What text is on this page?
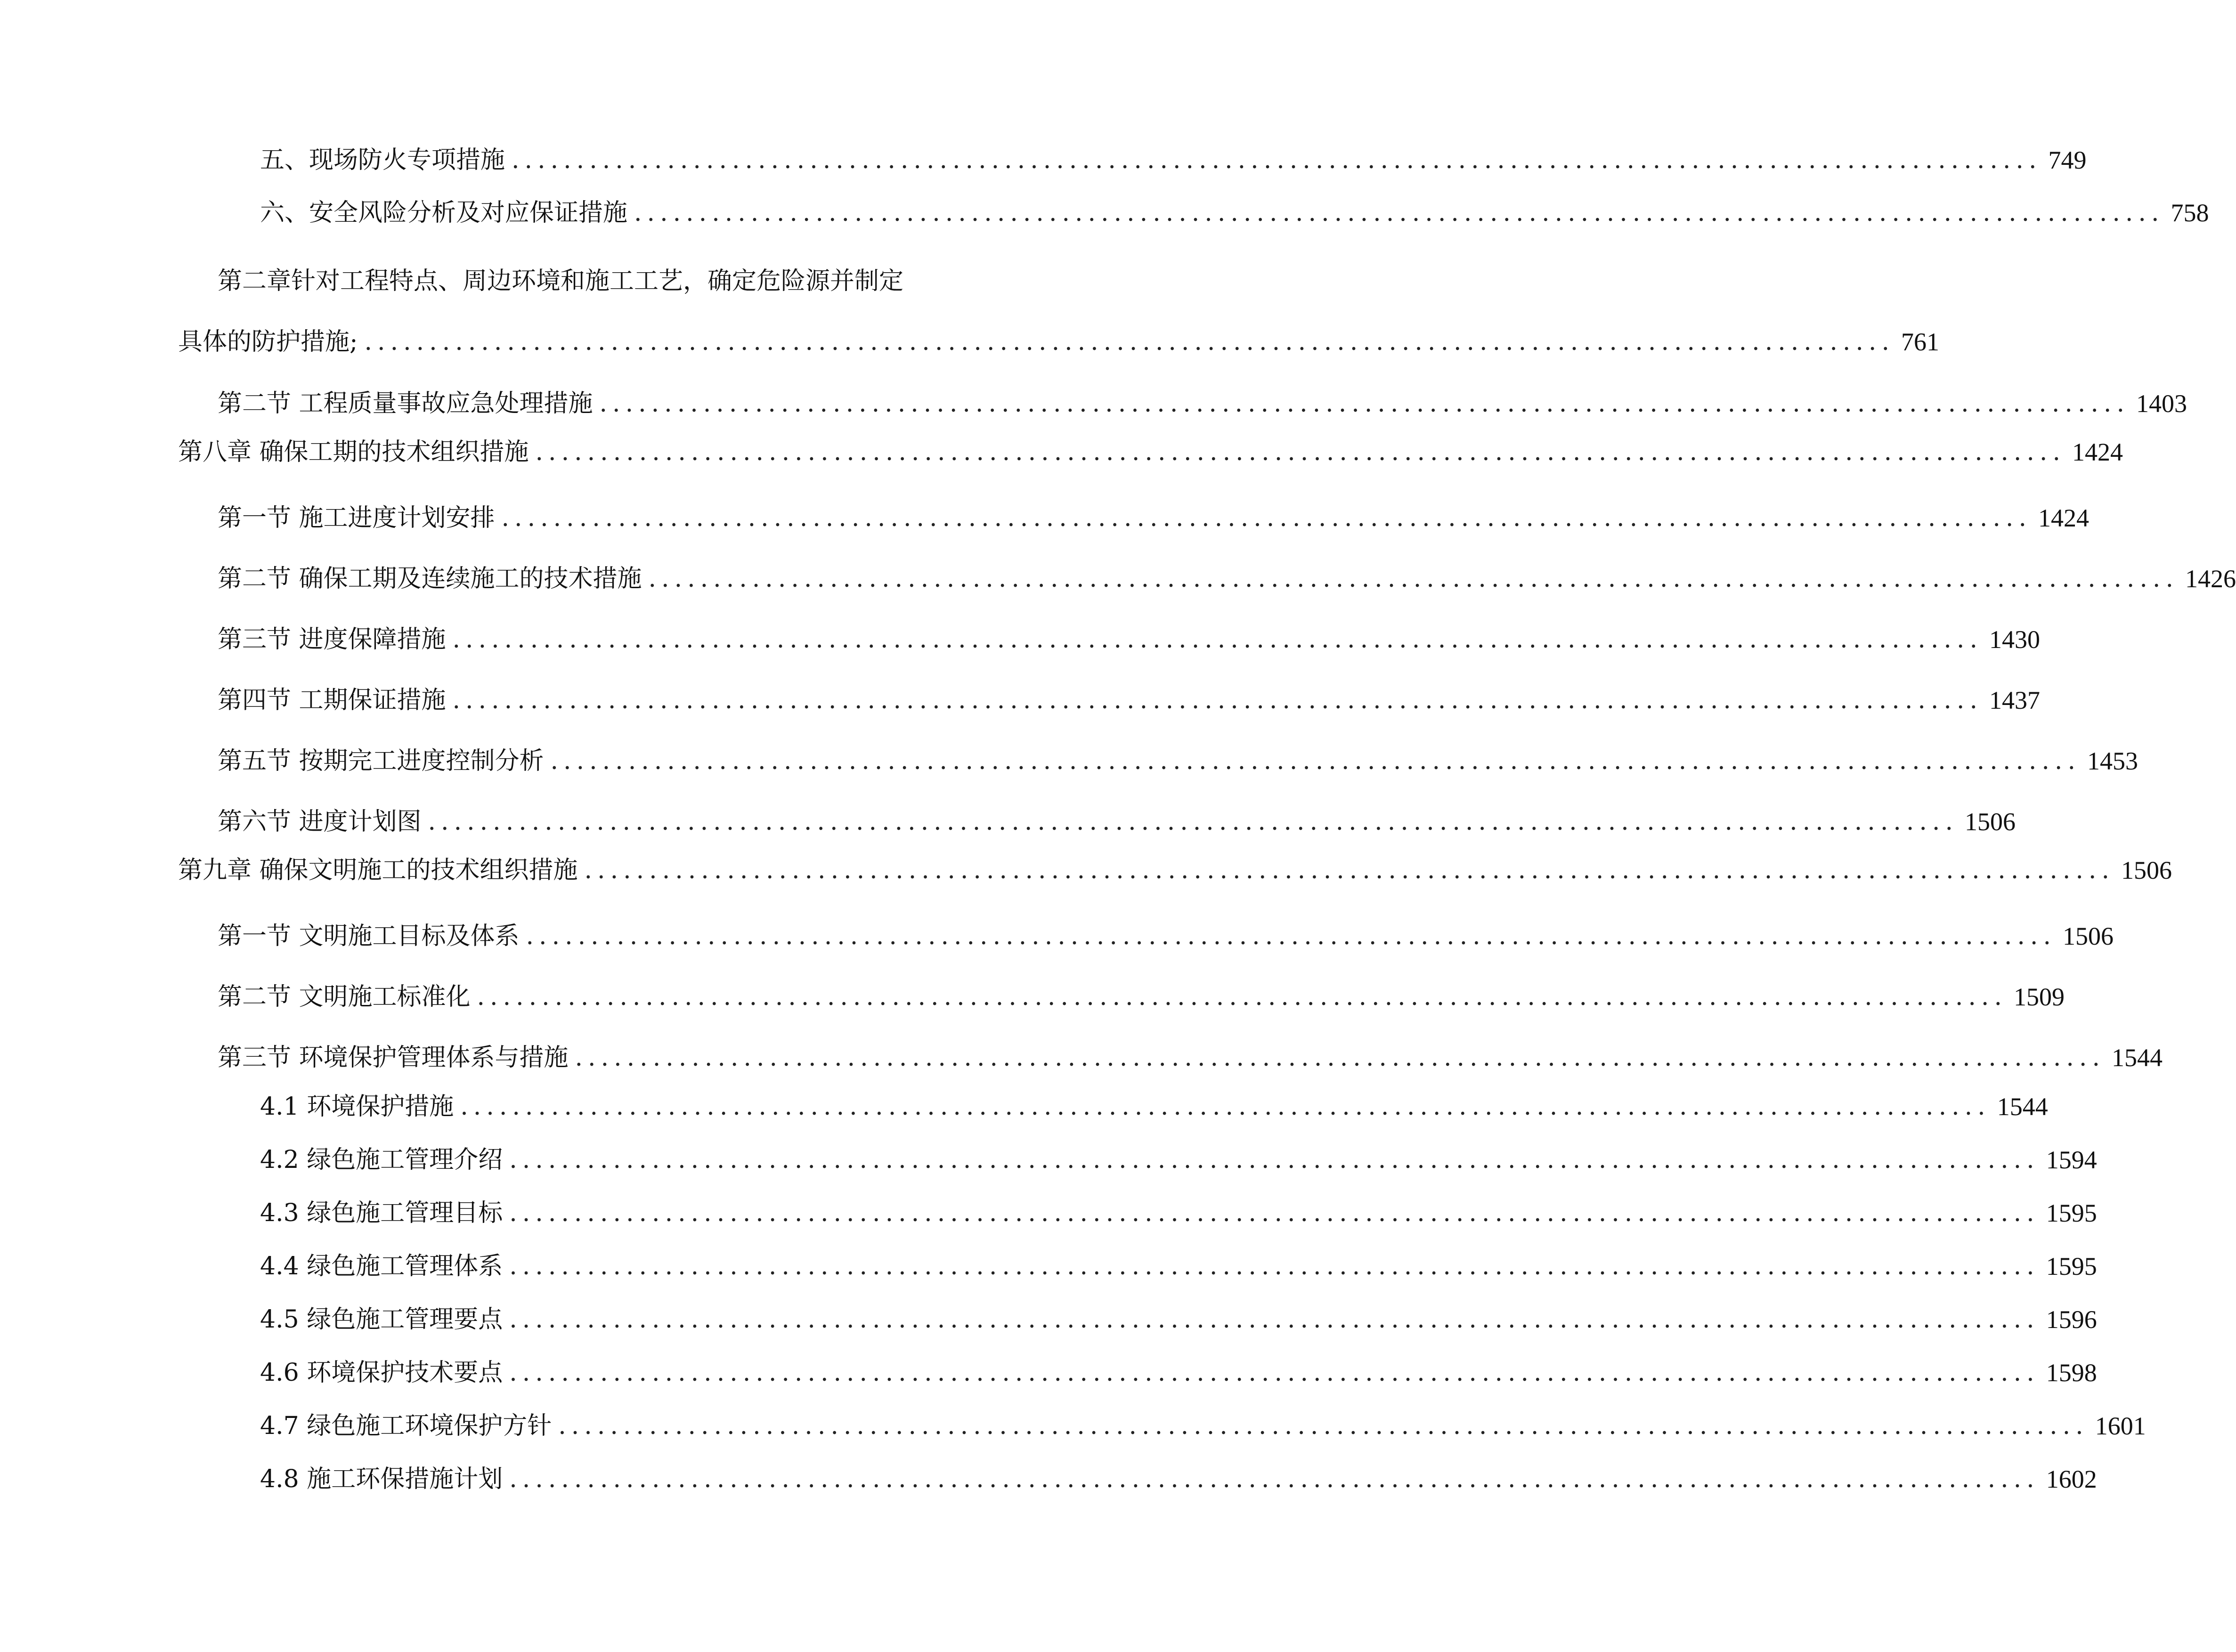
五、现场防火专项措施 ...................................................................................................................... 749
六、安全风险分析及对应保证措施 ...................................................................................................................... 758
第二章针对工程特点、周边环境和施工工艺，确定危险源并制定
具体的防护措施; ...................................................................................................................... 761
第二节 工程质量事故应急处理措施 ...................................................................................................................... 1403
第八章 确保工期的技术组织措施 ...................................................................................................................... 1424
第一节 施工进度计划安排 ...................................................................................................................... 1424
第二节 确保工期及连续施工的技术措施 ...................................................................................................................... 1426
第三节 进度保障措施 ...................................................................................................................... 1430
第四节 工期保证措施 ...................................................................................................................... 1437
第五节 按期完工进度控制分析 ...................................................................................................................... 1453
第六节 进度计划图 ...................................................................................................................... 1506
第九章 确保文明施工的技术组织措施 ...................................................................................................................... 1506
第一节 文明施工目标及体系 ...................................................................................................................... 1506
第二节 文明施工标准化 ...................................................................................................................... 1509
第三节 环境保护管理体系与措施 ...................................................................................................................... 1544
4.1 环境保护措施 ...................................................................................................................... 1544
4.2 绿色施工管理介绍 ...................................................................................................................... 1594
4.3 绿色施工管理目标 ...................................................................................................................... 1595
4.4 绿色施工管理体系 ...................................................................................................................... 1595
4.5 绿色施工管理要点 ...................................................................................................................... 1596
4.6 环境保护技术要点 ...................................................................................................................... 1598
4.7 绿色施工环境保护方针 ...................................................................................................................... 1601
4.8 施工环保措施计划 ...................................................................................................................... 1602
